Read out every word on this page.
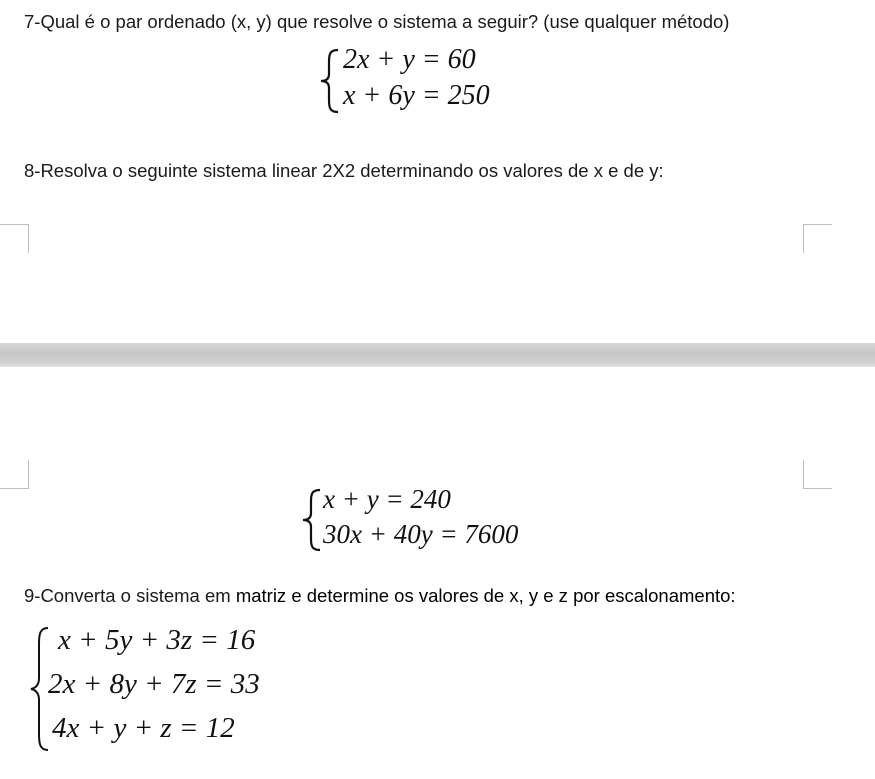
7-Qual é o par ordenado (x, y) que resolve o sistema a seguir? (use qualquer método)
2x + y = 60
x + 6y = 250
8-Resolva o seguinte sistema linear 2X2 determinando os valores de x e de y:
x + y = 240
30x + 40y = 7600
9-Converta o sistema em matriz e determine os valores de x, y e z por escalonamento:
x + 5y + 3z = 16
2x + 8y + 7z = 33
4x + y + z = 12
